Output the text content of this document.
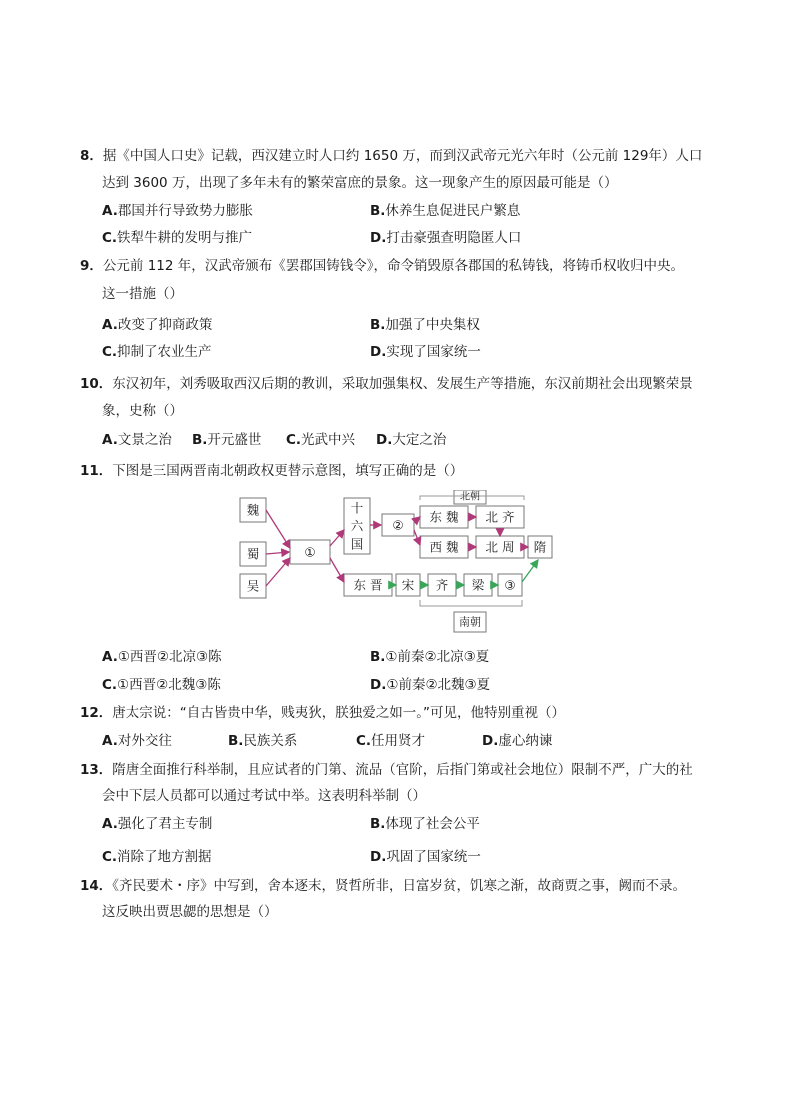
8．据《中国人口史》记载，西汉建立时人口约 1650 万，而到汉武帝元光六年时（公元前 129年）人口
达到 3600 万，出现了多年未有的繁荣富庶的景象。这一现象产生的原因最可能是（）
A.郡国并行导致势力膨胀	B.休养生息促进民户繁息
C.铁犁牛耕的发明与推广	D.打击豪强查明隐匿人口
9．公元前 112 年，汉武帝颁布《罢郡国铸钱令》，命令销毁原各郡国的私铸钱，将铸币权收归中央。
这一措施（）
A.改变了抑商政策	B.加强了中央集权
C.抑制了农业生产	D.实现了国家统一
10．东汉初年，刘秀吸取西汉后期的教训，采取加强集权、发展生产等措施，东汉前期社会出现繁荣景
象，史称（）
A.文景之治 B.开元盛世 C.光武中兴 D.大定之治
11．下图是三国两晋南北朝政权更替示意图，填写正确的是（）
魏
蜀
吴
①
十
六
国
②
东 魏 北 齐
西 魏 北 周 隋
东 晋 宋 齐 梁 ③
北朝
南朝
A.①西晋②北凉③陈	B.①前秦②北凉③夏
C.①西晋②北魏③陈	D.①前秦②北魏③夏
12．唐太宗说：“自古皆贵中华，贱夷狄，朕独爱之如一。”可见，他特别重视（）
A.对外交往	B.民族关系	C.任用贤才	D.虚心纳谏
13．隋唐全面推行科举制，且应试者的门第、流品（官阶，后指门第或社会地位）限制不严，广大的社
会中下层人员都可以通过考试中举。这表明科举制（）
A.强化了君主专制	B.体现了社会公平
C.消除了地方割据	D.巩固了国家统一
14．《齐民要术・序》中写到，舍本逐末，贤哲所非，日富岁贫，饥寒之渐，故商贾之事，阙而不录。
这反映出贾思勰的思想是（）
